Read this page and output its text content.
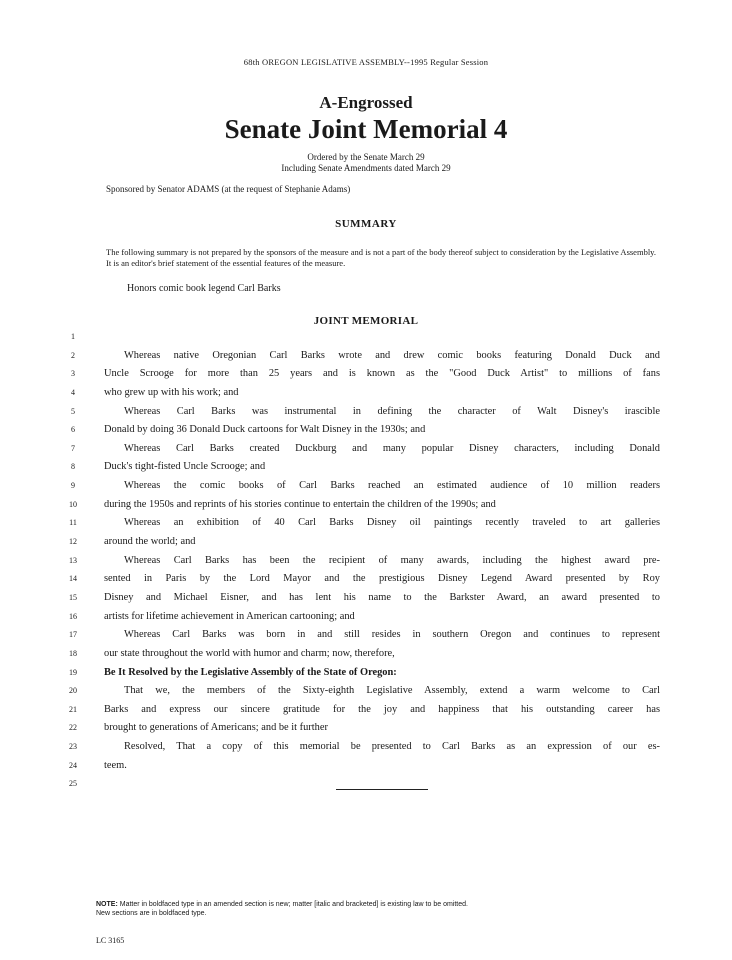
68th OREGON LEGISLATIVE ASSEMBLY--1995 Regular Session
A-Engrossed
Senate Joint Memorial 4
Ordered by the Senate March 29
Including Senate Amendments dated March 29
Sponsored by Senator ADAMS (at the request of Stephanie Adams)
SUMMARY
The following summary is not prepared by the sponsors of the measure and is not a part of the body thereof subject to consideration by the Legislative Assembly. It is an editor's brief statement of the essential features of the measure.
Honors comic book legend Carl Barks
JOINT MEMORIAL
1
2	Whereas native Oregonian Carl Barks wrote and drew comic books featuring Donald Duck and
3	Uncle Scrooge for more than 25 years and is known as the "Good Duck Artist" to millions of fans
4	who grew up with his work; and
5	Whereas Carl Barks was instrumental in defining the character of Walt Disney's irascible
6	Donald by doing 36 Donald Duck cartoons for Walt Disney in the 1930s; and
7	Whereas Carl Barks created Duckburg and many popular Disney characters, including Donald
8	Duck's tight-fisted Uncle Scrooge; and
9	Whereas the comic books of Carl Barks reached an estimated audience of 10 million readers
10	during the 1950s and reprints of his stories continue to entertain the children of the 1990s; and
11	Whereas an exhibition of 40 Carl Barks Disney oil paintings recently traveled to art galleries
12	around the world; and
13	Whereas Carl Barks has been the recipient of many awards, including the highest award pre-
14	sented in Paris by the Lord Mayor and the prestigious Disney Legend Award presented by Roy
15	Disney and Michael Eisner, and has lent his name to the Barkster Award, an award presented to
16	artists for lifetime achievement in American cartooning; and
17	Whereas Carl Barks was born in and still resides in southern Oregon and continues to represent
18	our state throughout the world with humor and charm; now, therefore,
19	Be It Resolved by the Legislative Assembly of the State of Oregon:
20	That we, the members of the Sixty-eighth Legislative Assembly, extend a warm welcome to Carl
21	Barks and express our sincere gratitude for the joy and happiness that his outstanding career has
22	brought to generations of Americans; and be it further
23	Resolved, That a copy of this memorial be presented to Carl Barks as an expression of our es-
24	teem.
25
NOTE: Matter in boldfaced type in an amended section is new; matter [italic and bracketed] is existing law to be omitted.
New sections are in boldfaced type.
LC 3165
